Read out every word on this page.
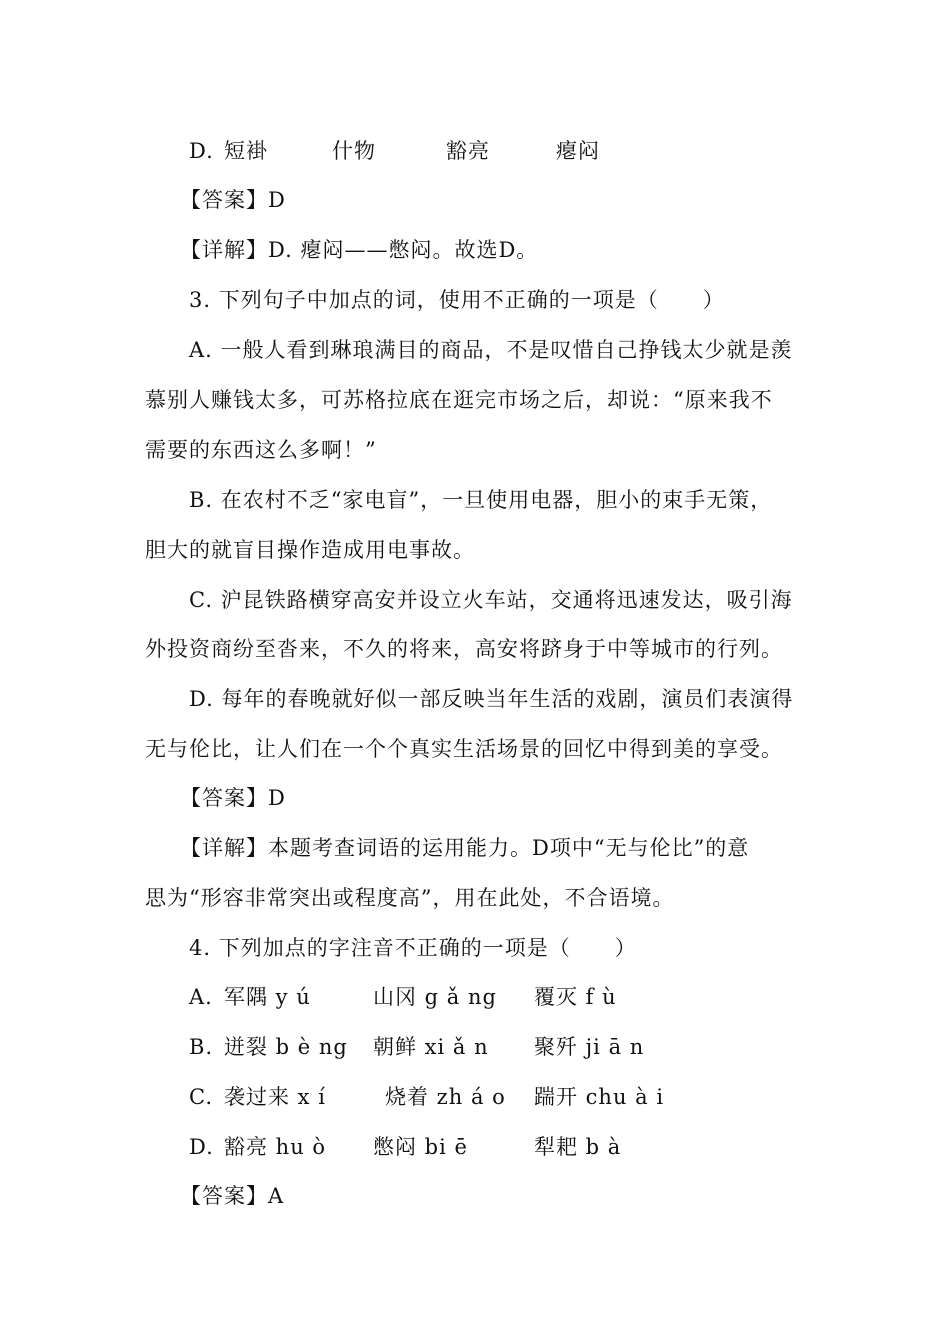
D. 短褂	什物	豁亮	瘪闷
【答案】D
【详解】D. 瘪闷——憋闷。故选D。
3. 下列句子中加点的词，使用不正确的一项是（　　）
A. 一般人看到琳琅满目的商品，不是叹惜自己挣钱太少就是羡
慕别人赚钱太多，可苏格拉底在逛完市场之后，却说：“原来我不
需要的东西这么多啊！”
B. 在农村不乏“家电盲”，一旦使用电器，胆小的束手无策，
胆大的就盲目操作造成用电事故。
C. 沪昆铁路横穿高安并设立火车站，交通将迅速发达，吸引海
外投资商纷至沓来，不久的将来，高安将跻身于中等城市的行列。
D. 每年的春晚就好似一部反映当年生活的戏剧，演员们表演得
无与伦比，让人们在一个个真实生活场景的回忆中得到美的享受。
【答案】D
【详解】本题考查词语的运用能力。D项中“无与伦比”的意
思为“形容非常突出或程度高”，用在此处，不合语境。
4. 下列加点的字注音不正确的一项是（　　）
A. 军隅 y ú	山冈 g ǎ ng 覆灭 f ù
B. 迸裂 b è ng 朝鲜 xi ǎ n 聚歼 ji ā n
C. 袭过来 x í	烧着 zh á o 踹开 chu à i
D. 豁亮 hu ò 憋闷 bi ē	犁耙 b à
【答案】A
